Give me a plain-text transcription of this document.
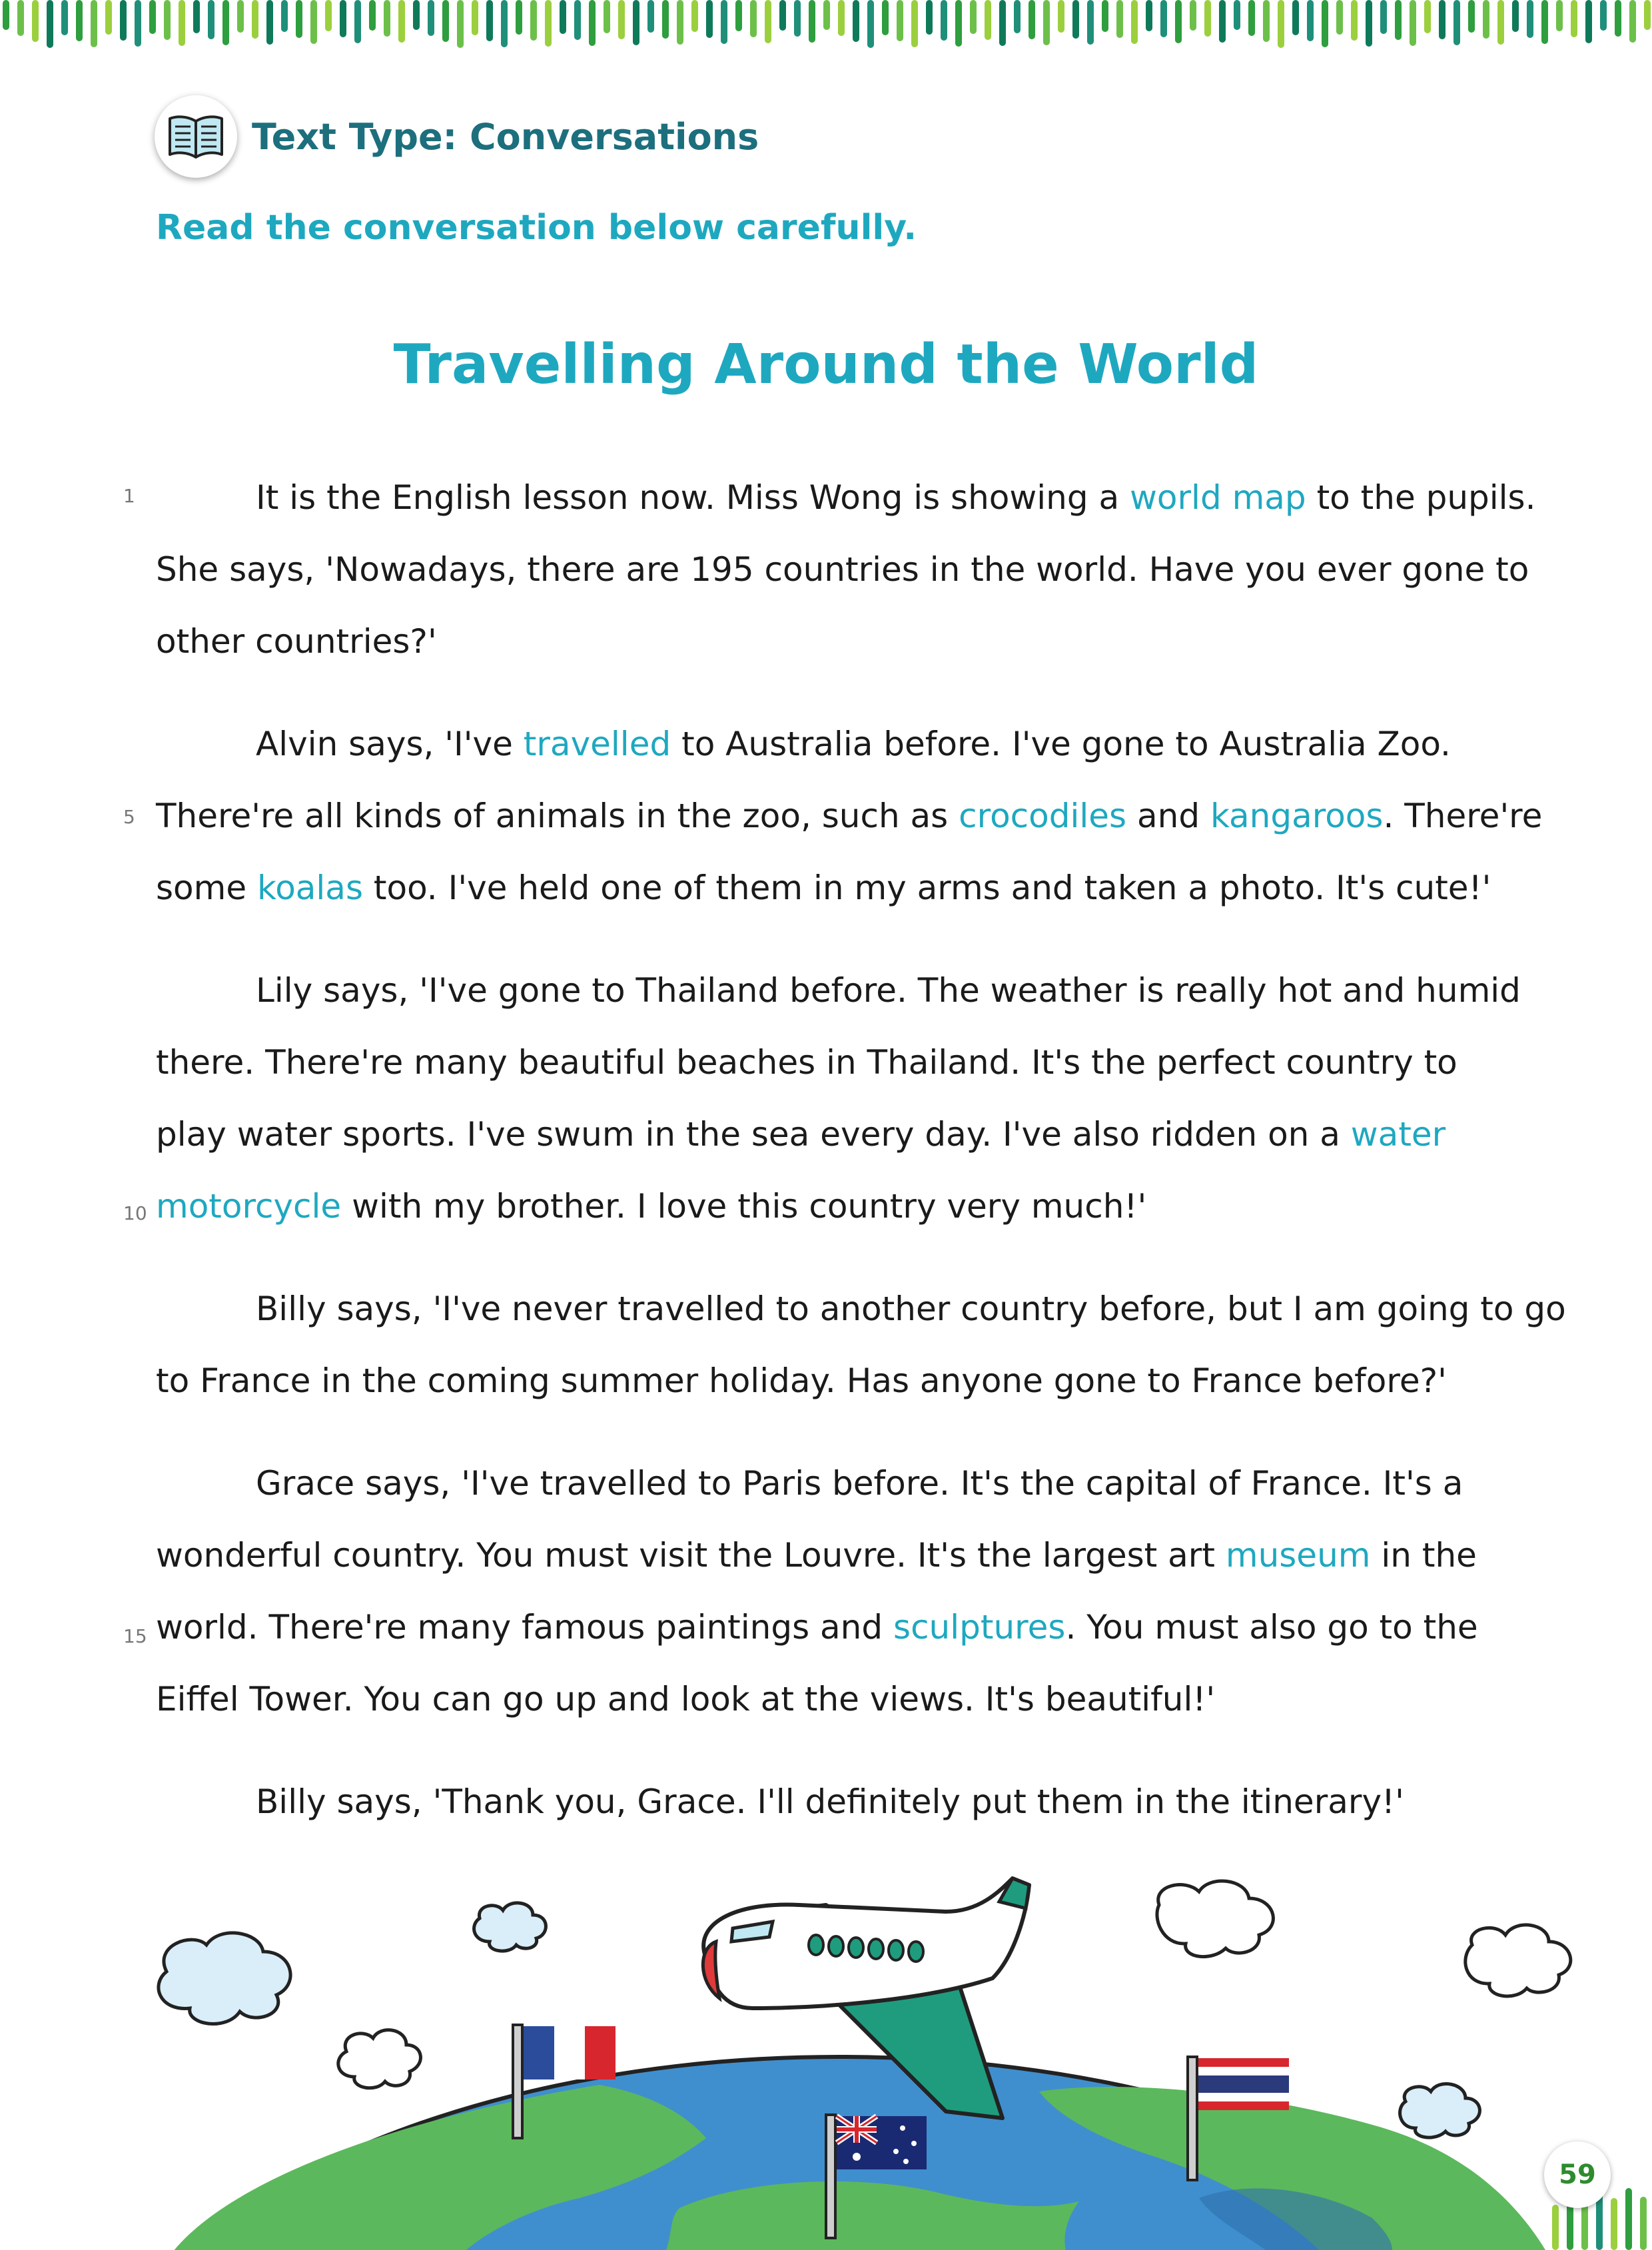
Text Type: Conversations
Read the conversation below carefully.
Travelling Around the World
1
5
10
15
It is the English lesson now. Miss Wong is showing a world map to the pupils.
She says, 'Nowadays, there are 195 countries in the world. Have you ever gone to
other countries?'
Alvin says, 'I've travelled to Australia before. I've gone to Australia Zoo.
There're all kinds of animals in the zoo, such as crocodiles and kangaroos. There're
some koalas too. I've held one of them in my arms and taken a photo. It's cute!'
Lily says, 'I've gone to Thailand before. The weather is really hot and humid
there. There're many beautiful beaches in Thailand. It's the perfect country to
play water sports. I've swum in the sea every day. I've also ridden on a water
motorcycle with my brother. I love this country very much!'
Billy says, 'I've never travelled to another country before, but I am going to go
to France in the coming summer holiday. Has anyone gone to France before?'
Grace says, 'I've travelled to Paris before. It's the capital of France. It's a
wonderful country. You must visit the Louvre. It's the largest art museum in the
world. There're many famous paintings and sculptures. You must also go to the
Eiffel Tower. You can go up and look at the views. It's beautiful!'
Billy says, 'Thank you, Grace. I'll definitely put them in the itinerary!'
59
